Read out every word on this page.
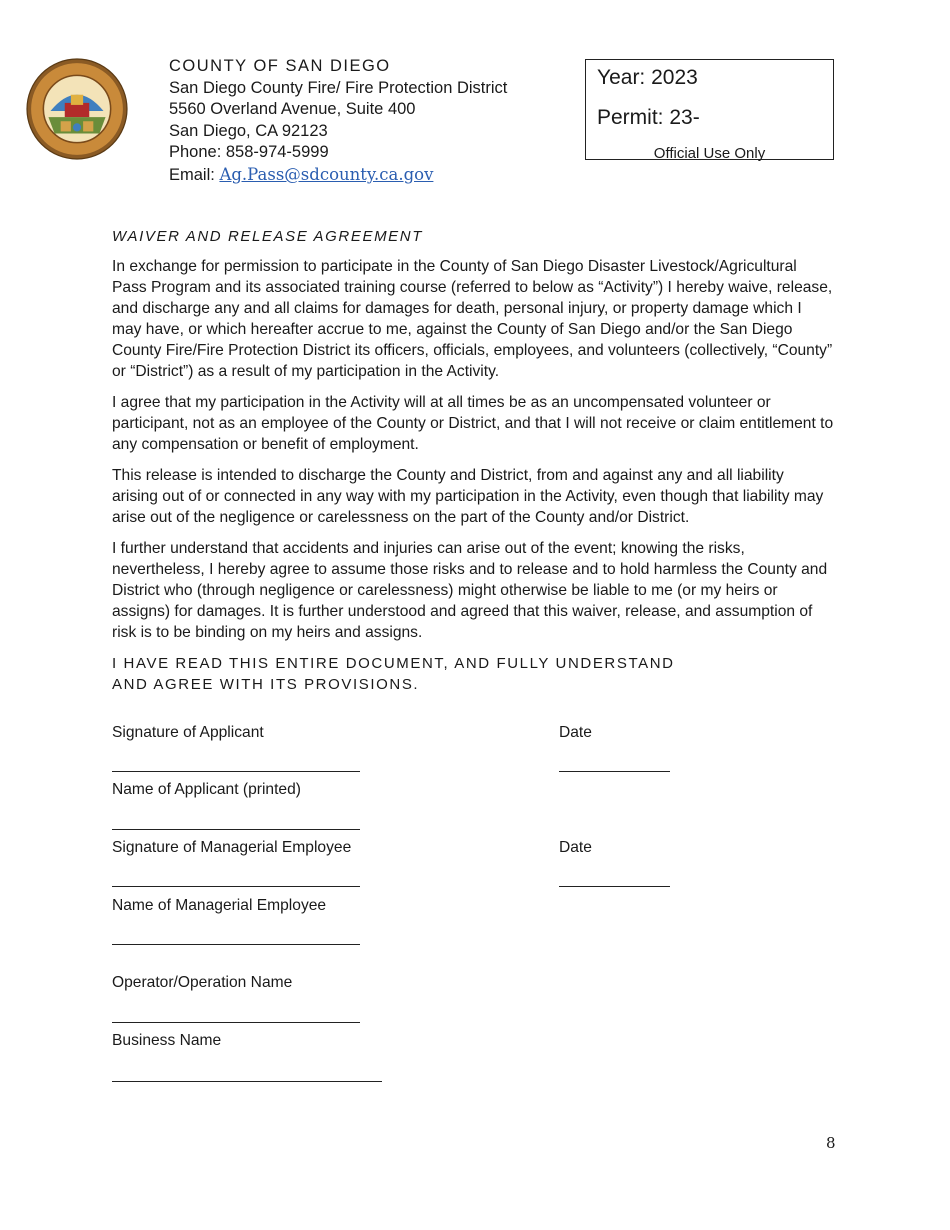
COUNTY OF SAN DIEGO
San Diego County Fire/ Fire Protection District
5560 Overland Avenue, Suite 400
San Diego, CA 92123
Phone: 858-974-5999
Email: Ag.Pass@sdcounty.ca.gov
Year: 2023
Permit: 23-
Official Use Only
WAIVER AND RELEASE AGREEMENT

In exchange for permission to participate in the County of San Diego Disaster Livestock/Agricultural Pass Program and its associated training course (referred to below as “Activity”) I hereby waive, release, and discharge any and all claims for damages for death, personal injury, or property damage which I may have, or which hereafter accrue to me, against the County of San Diego and/or the San Diego County Fire/Fire Protection District its officers, officials, employees, and volunteers (collectively, “County” or “District”) as a result of my participation in the Activity.

I agree that my participation in the Activity will at all times be as an uncompensated volunteer or participant, not as an employee of the County or District, and that I will not receive or claim entitlement to any compensation or benefit of employment.

This release is intended to discharge the County and District, from and against any and all liability arising out of or connected in any way with my participation in the Activity, even though that liability may arise out of the negligence or carelessness on the part of the County and/or District.

I further understand that accidents and injuries can arise out of the event; knowing the risks, nevertheless, I hereby agree to assume those risks and to release and to hold harmless the County and District who (through negligence or carelessness) might otherwise be liable to me (or my heirs or assigns) for damages. It is further understood and agreed that this waiver, release, and assumption of risk is to be binding on my heirs and assigns.

I HAVE READ THIS ENTIRE DOCUMENT, AND FULLY UNDERSTAND AND AGREE WITH ITS PROVISIONS.
Signature of Applicant	Date
Name of Applicant (printed)
Signature of Managerial Employee	Date
Name of Managerial Employee
Operator/Operation Name
Business Name
8
